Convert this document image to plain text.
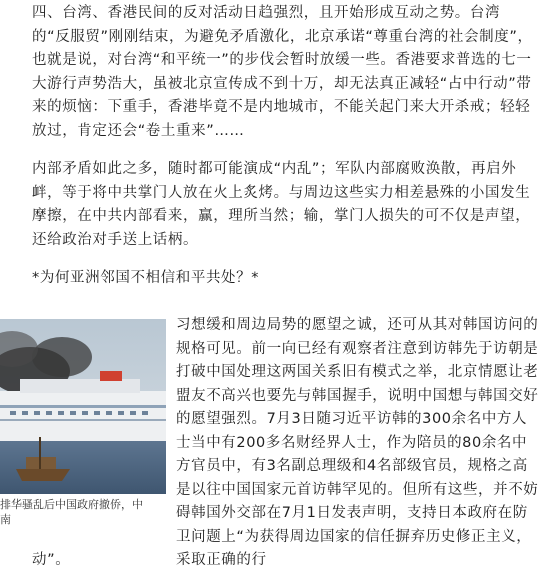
四、台湾、香港民间的反对活动日趋强烈，且开始形成互动之势。台湾的“反服贸”刚刚结束，为避免矛盾激化，北京承诺“尊重台湾的社会制度”，也就是说，对台湾“和平统一”的步伐会暂时放缓一些。香港要求普选的七一大游行声势浩大，虽被北京宣传成不到十万，却无法真正减轻“占中行动”带来的烦恼：下重手，香港毕竟不是内地城市，不能关起门来大开杀戒；轻轻放过，肯定还会“卷土重来”……
内部矛盾如此之多，随时都可能演成“内乱”；军队内部腐败涣散，再启外衅，等于将中共掌门人放在火上炙烤。与周边这些实力相差悬殊的小国发生摩擦，在中共内部看来，赢，理所当然；输，掌门人损失的可不仅是声望，还给政治对手送上话柄。
*为何亚洲邻国不相信和平共处？*
排华骚乱后中国政府撤侨，中
南
习想缓和周边局势的愿望之诚，还可从其对韩国访问的规格可见。前一向已经有观察者注意到访韩先于访朝是打破中国处理这两国关系旧有模式之举，北京情愿让老盟友不高兴也要先与韩国握手，说明中国想与韩国交好的愿望强烈。7月3日随习近平访韩的300余名中方人士当中有200多名财经界人士，作为陪员的80余名中方官员中，有3名副总理级和4名部级官员，规格之高是以往中国国家元首访韩罕见的。但所有这些，并不妨碍韩国外交部在7月1日发表声明，支持日本政府在防卫问题上“为获得周边国家的信任摒弃历史修正主义，采取正确的行
动”。
